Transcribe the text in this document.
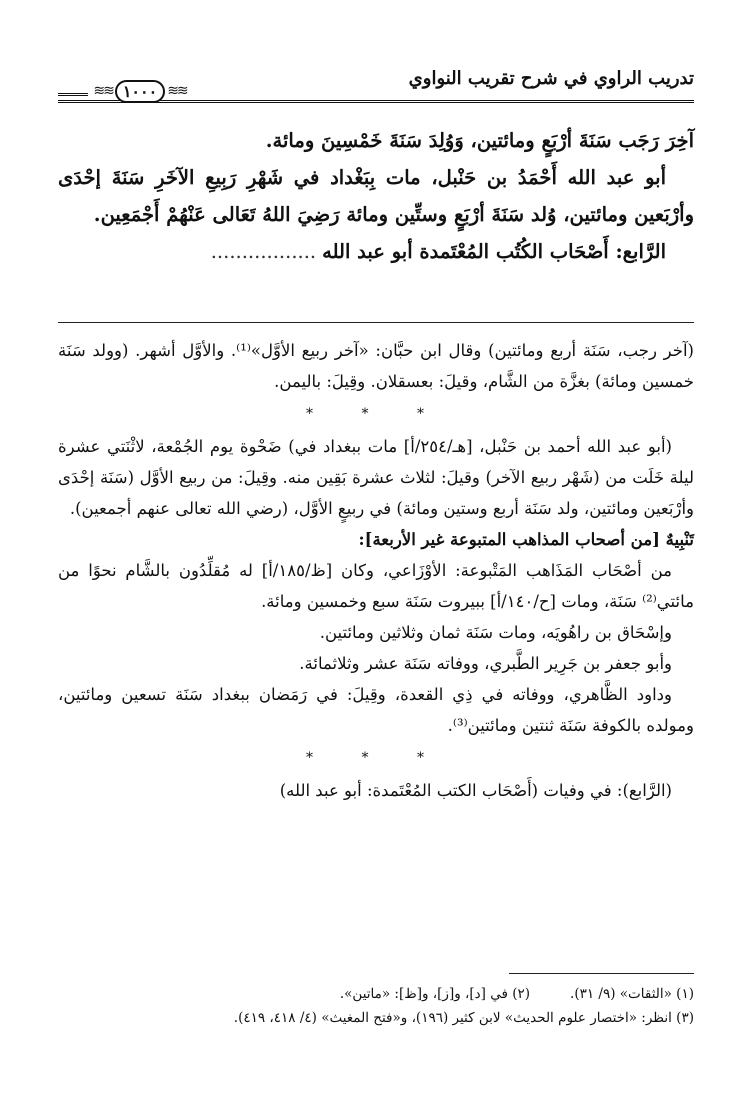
تدريب الراوي في شرح تقريب النواوي
≋≋ ١٠٠٠ ≋≋

آخِرَ رَجَب سَنَةَ أرْبَعٍ ومائتين، وَوُلِدَ سَنَةَ خَمْسِينَ ومائة.

أبو عبد الله أَحْمَدُ بن حَنْبل، مات بِبَغْداد في شَهْرِ رَبِيعِ الآخَرِ سَنَةَ إحْدَى وأرْبَعين ومائتين، وُلد سَنَةَ أرْبَعٍ وستِّين ومائة رَضِيَ اللهُ تَعَالى عَنْهُمْ أَجْمَعِين.

الرَّابع: أَصْحَاب الكُتُب المُعْتَمدة أبو عبد الله.................

(آخر رجب، سَنَة أربع ومائتين) وقال ابن حبَّان: «آخر ربيع الأوَّل»⁽¹⁾. والأوَّل أشهر. (وولد سَنَة خمسين ومائة) بغزَّة من الشَّام، وقيلَ: بعسقلان. وقِيلَ: باليمن.

* * *

(أبو عبد الله أحمد بن حَنْبل، [هـ/٢٥٤/أ] مات ببغداد في) ضَحْوة يوم الجُمْعة، لاثْنَتي عشرة ليلة خَلَت من (شَهْر ربيع الآخر) وقيلَ: لثلاث عشرة بَقِين منه. وقِيلَ: من ربيع الأوَّل (سَنَة إحْدَى وأرْبَعين ومائتين، ولد سَنَة أربع وستين ومائة) في ربيعٍ الأوَّل، (رضي الله تعالى عنهم أجمعين).

تَنْبِيهٌ [من أصحاب المذاهب المتبوعة غير الأربعة]:

من أصْحَاب المَذَاهب المَتْبوعة: الأوْزَاعي، وكان [ظ/١٨٥/أ] له مُقلِّدُون بالشَّام نحوًا من مائتي⁽²⁾ سَنَة، ومات [ح/١٤٠/أ] ببيروت سَنَة سبع وخمسين ومائة.

وإسْحَاق بن راهُويَه، ومات سَنَة ثمان وثلاثين ومائتين.

وأبو جعفر بن جَرِير الطَّبري، ووفاته سَنَة عشر وثلاثمائة.

وداود الظَّاهري، ووفاته في ذِي القعدة، وقِيلَ: في رَمَضان ببغداد سَنَة تسعين ومائتين، ومولده بالكوفة سَنَة ثنتين ومائتين⁽³⁾.

* * *

(الرَّابع): في وفيات (أَصْحَاب الكتب المُعْتَمدة: أبو عبد الله)

(١) «الثقات» (٩/ ٣١).
(٢) في [د]، و[ز]، و[ظ]: «ماتين».
(٣) انظر: «اختصار علوم الحديث» لابن كثير (١٩٦)، و«فتح المغيث» (٤/ ٤١٨، ٤١٩).
